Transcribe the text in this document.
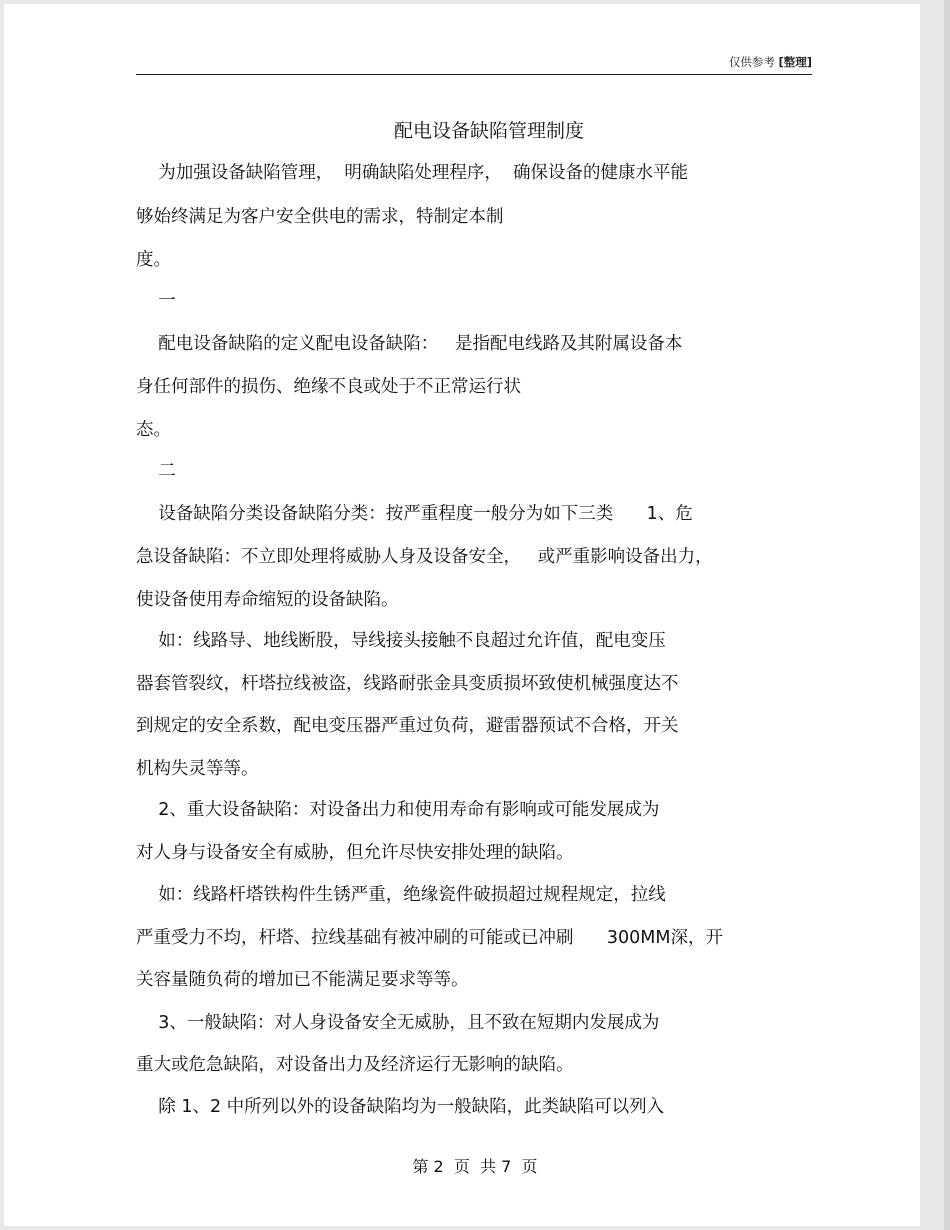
仅供参考 [整理]
配电设备缺陷管理制度
为加强设备缺陷管理，  明确缺陷处理程序，  确保设备的健康水平能
够始终满足为客户安全供电的需求，特制定本制
度。
一
配电设备缺陷的定义配电设备缺陷：   是指配电线路及其附属设备本
身任何部件的损伤、绝缘不良或处于不正常运行状
态。
二
设备缺陷分类设备缺陷分类：按严重程度一般分为如下三类      1、危
急设备缺陷：不立即处理将威胁人身及设备安全，   或严重影响设备出力，
使设备使用寿命缩短的设备缺陷。
如：线路导、地线断股，导线接头接触不良超过允许值，配电变压
器套管裂纹，杆塔拉线被盗，线路耐张金具变质损坏致使机械强度达不
到规定的安全系数，配电变压器严重过负荷，避雷器预试不合格，开关
机构失灵等等。
2、重大设备缺陷：对设备出力和使用寿命有影响或可能发展成为
对人身与设备安全有威胁，但允许尽快安排处理的缺陷。
如：线路杆塔铁构件生锈严重，绝缘瓷件破损超过规程规定，拉线
严重受力不均，杆塔、拉线基础有被冲刷的可能或已冲刷      300MM深，开
关容量随负荷的增加已不能满足要求等等。
3、一般缺陷：对人身设备安全无威胁，且不致在短期内发展成为
重大或危急缺陷，对设备出力及经济运行无影响的缺陷。
除 1、2 中所列以外的设备缺陷均为一般缺陷，此类缺陷可以列入
第 2  页  共 7  页
